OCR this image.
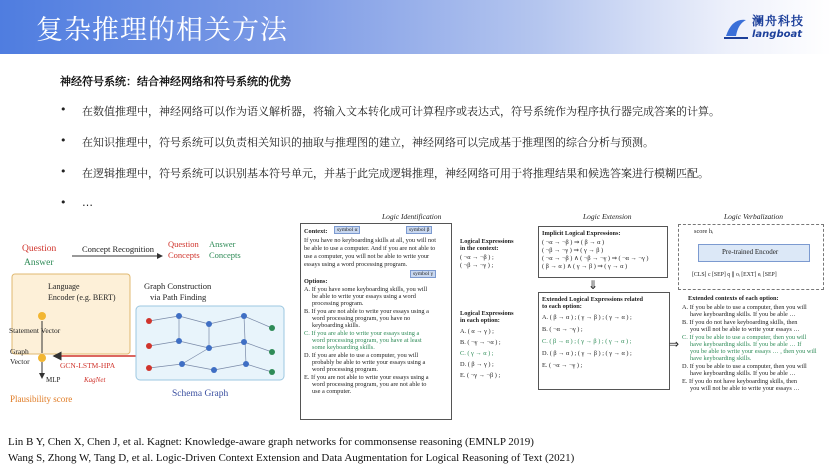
复杂推理的相关方法	澜舟科技
langboat
神经符号系统：结合神经网络和符号系统的优势
• 在数值推理中，神经网络可以作为语义解析器，将输入文本转化成可计算程序或表达式，符号系统作为程序执行器完成答案的计算。
• 在知识推理中，符号系统可以负责相关知识的抽取与推理图的建立，神经网络可以完成基于推理图的综合分析与预测。
• 在逻辑推理中，符号系统可以识别基本符号单元，并基于此完成逻辑推理，神经网络可用于将推理结果和候选答案进行模糊匹配。
• …
Question
Answer
Concept Recognition Question
Concepts
Answer
Concepts
Language
Encoder (e.g. BERT)
Statement Vector
Graph
Vector
MLP
Plausibility score
GCN-LSTM-HPA
KagNet
Graph Construction
via Path Finding
Schema Graph
Logic Identification	Logic Extension	Logic Verbalization
Context:	symbol α	symbol β
If you have no keyboarding skills at all, you will not
be able to use a computer. And if you are not able to
use a computer, you will not be able to write your
essays using a word processing program.
symbol γ
Options:
A. If you have some keyboarding skills, you will
be able to write your essays using a word
processing program.
B. If you are not able to write your essays using a
word processing program, you have no
keyboarding skills.
C. If you are able to write your essays using a
word processing program, you have at least
some keyboarding skills.
D. If you are able to use a computer, you will
probably be able to write your essays using a
word processing program.
E. If you are not able to write your essays using a
word processing program, you are not able to
use a computer.
Logical Expressions
in the context:
( ¬α → ¬β ) ;
( ¬β → ¬γ ) ;
Logical Expressions
in each option:
A. ( α → γ ) ;
B. ( ¬γ → ¬α ) ;
C. ( γ → α ) ;
D. ( β → γ ) ;
E. ( ¬γ → ¬β ) ;
Implicit Logical Expressions:
( ¬α → ¬β ) ⇒ ( β → α )
( ¬β → ¬γ ) ⇒ ( γ → β )
( ¬α → ¬β ) ∧ ( ¬β → ¬γ ) ⇒ ( ¬α → ¬γ )
( β → α ) ∧ ( γ → β ) ⇒ ( γ → α )
⇓
Extended Logical Expressions related
to each option:
A. ( β → α ) ; ( γ → β ) ; ( γ → α ) ;
B. ( ¬α → ¬γ ) ;
C. ( β → α ) ; ( γ → β ) ; ( γ → α ) ;
D. ( β → α ) ; ( γ → β ) ; ( γ → α ) ;
E. ( ¬α → ¬γ ) ;
⇒
score hᵢ
Pre-trained Encoder
[CLS] c [SEP] q ∥ oᵢ [EXT] eᵢ [SEP]
Extended contexts of each option:
A. If you be able to use a computer, then you will
have keyboarding skills. If you be able …
B. If you do not have keyboarding skills, then
you will not be able to write your essays …
C. If you be able to use a computer, then you will
have keyboarding skills. If you be able … If
you be able to write your essays … , then you will
have keyboarding skills.
D. If you be able to use a computer, then you will
have keyboarding skills. If you be able …
E. If you do not have keyboarding skills, then
you will not be able to write your essays …
Lin B Y, Chen X, Chen J, et al. Kagnet: Knowledge-aware graph networks for commonsense reasoning (EMNLP 2019)
Wang S, Zhong W, Tang D, et al. Logic-Driven Context Extension and Data Augmentation for Logical Reasoning of Text (2021)
